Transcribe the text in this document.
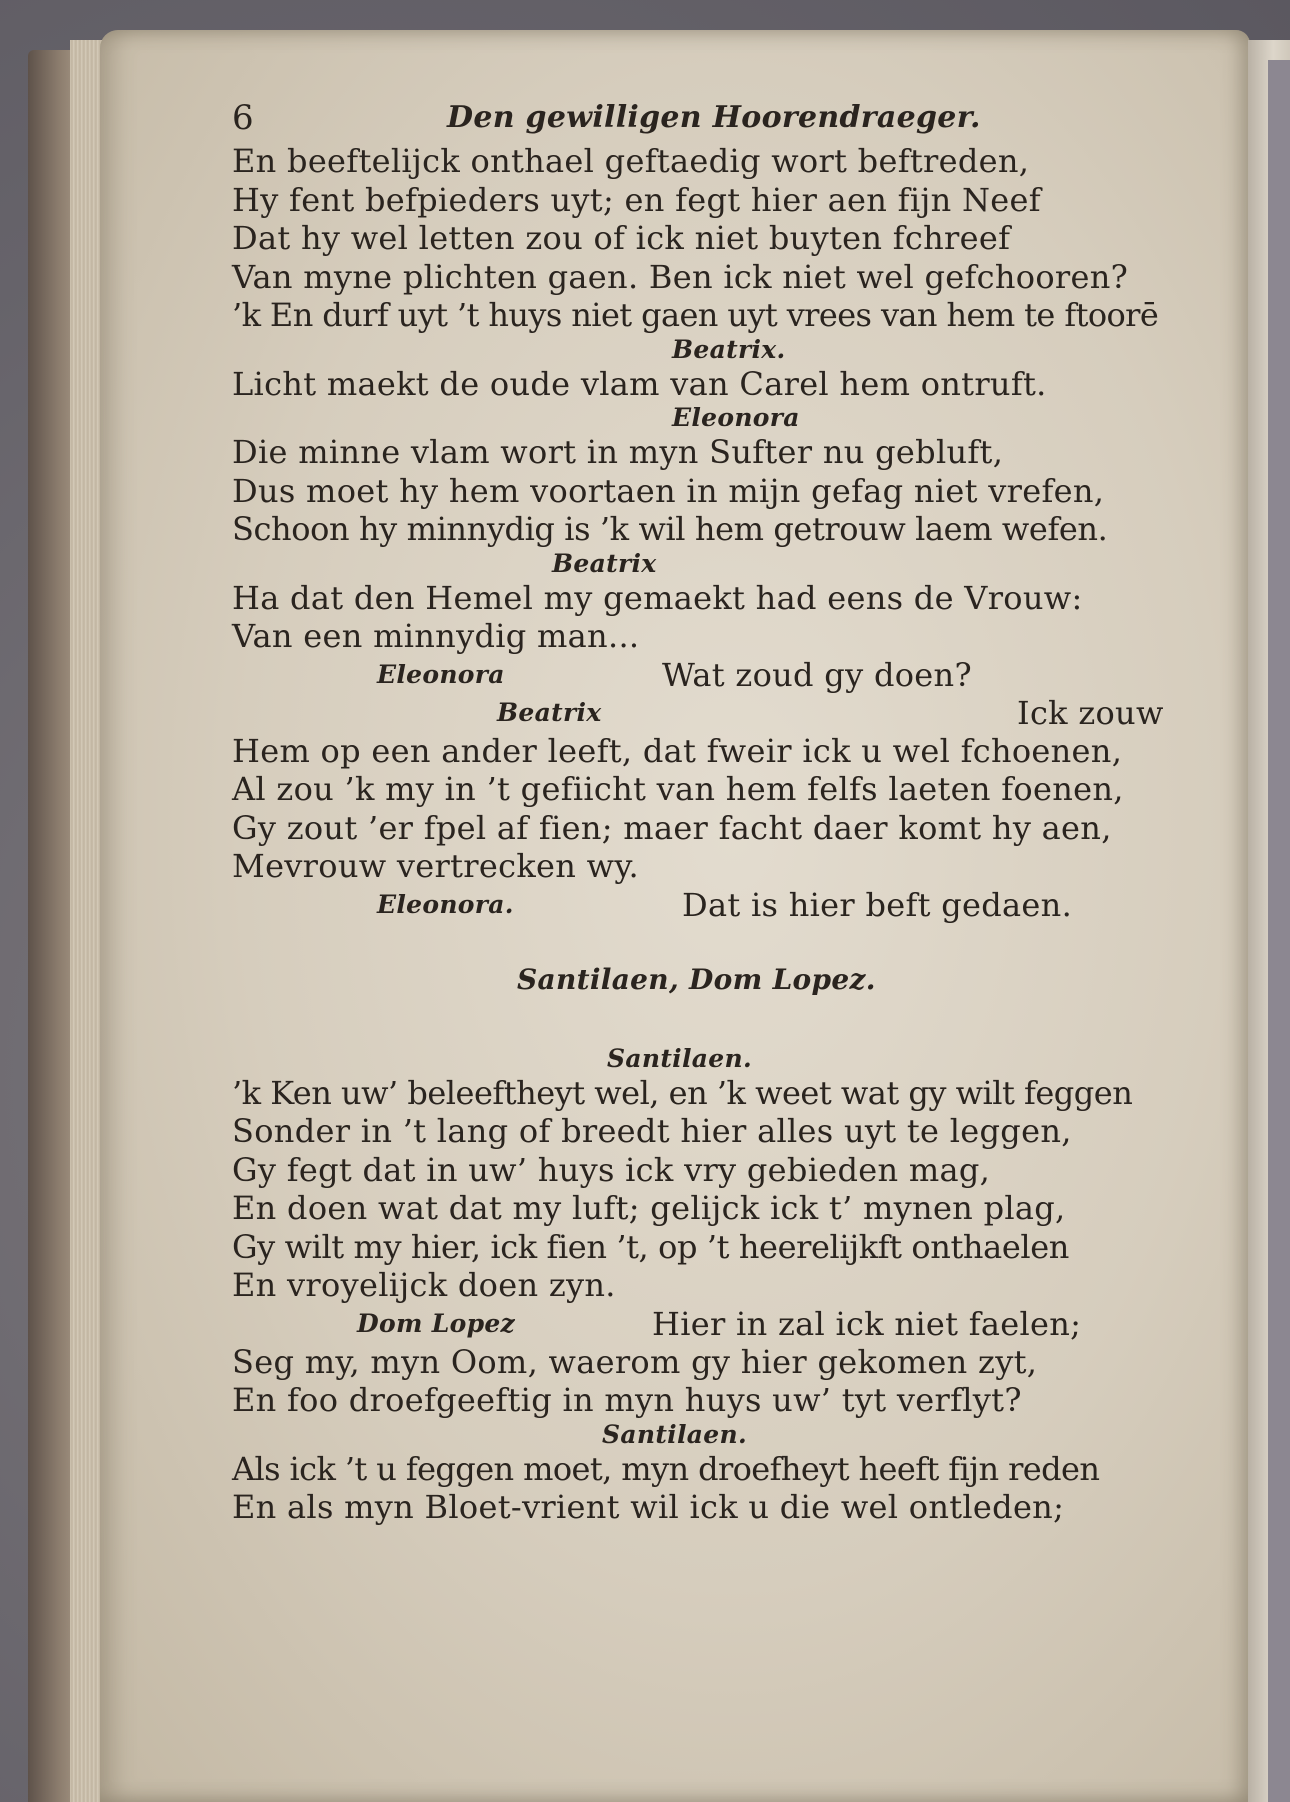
6	Den gewilligen Hoorendraeger.
En beeftelijck onthael geftaedig wort beftreden,
Hy fent befpieders uyt; en fegt hier aen fijn Neef
Dat hy wel letten zou of ick niet buyten fchreef
Van myne plichten gaen. Ben ick niet wel gefchooren?
’k En durf uyt ’t huys niet gaen uyt vrees van hem te ftoorē
Beatrix.
Licht maekt de oude vlam van Carel hem ontruft.
Eleonora
Die minne vlam wort in myn Sufter nu gebluft,
Dus moet hy hem voortaen in mijn gefag niet vrefen,
Schoon hy minnydig is ’k wil hem getrouw laem wefen.
Beatrix
Ha dat den Hemel my gemaekt had eens de Vrouw:
Van een minnydig man...
Eleonora	Wat zoud gy doen?
Beatrix	Ick zouw
Hem op een ander leeft, dat fweir ick u wel fchoenen,
Al zou ’k my in ’t gefiicht van hem felfs laeten foenen,
Gy zout ’er fpel af fien; maer facht daer komt hy aen,
Mevrouw vertrecken wy.
Eleonora.	Dat is hier beft gedaen.
Santilaen, Dom Lopez.
Santilaen.
’k Ken uw’ beleeftheyt wel, en ’k weet wat gy wilt feggen
Sonder in ’t lang of breedt hier alles uyt te leggen,
Gy fegt dat in uw’ huys ick vry gebieden mag,
En doen wat dat my luft; gelijck ick t’ mynen plag,
Gy wilt my hier, ick fien ’t, op ’t heerelijkft onthaelen
En vroyelijck doen zyn.
Dom Lopez	Hier in zal ick niet faelen;
Seg my, myn Oom, waerom gy hier gekomen zyt,
En foo droefgeeftig in myn huys uw’ tyt verflyt?
Santilaen.
Als ick ’t u feggen moet, myn droefheyt heeft fijn reden
En als myn Bloet-vrient wil ick u die wel ontleden;
